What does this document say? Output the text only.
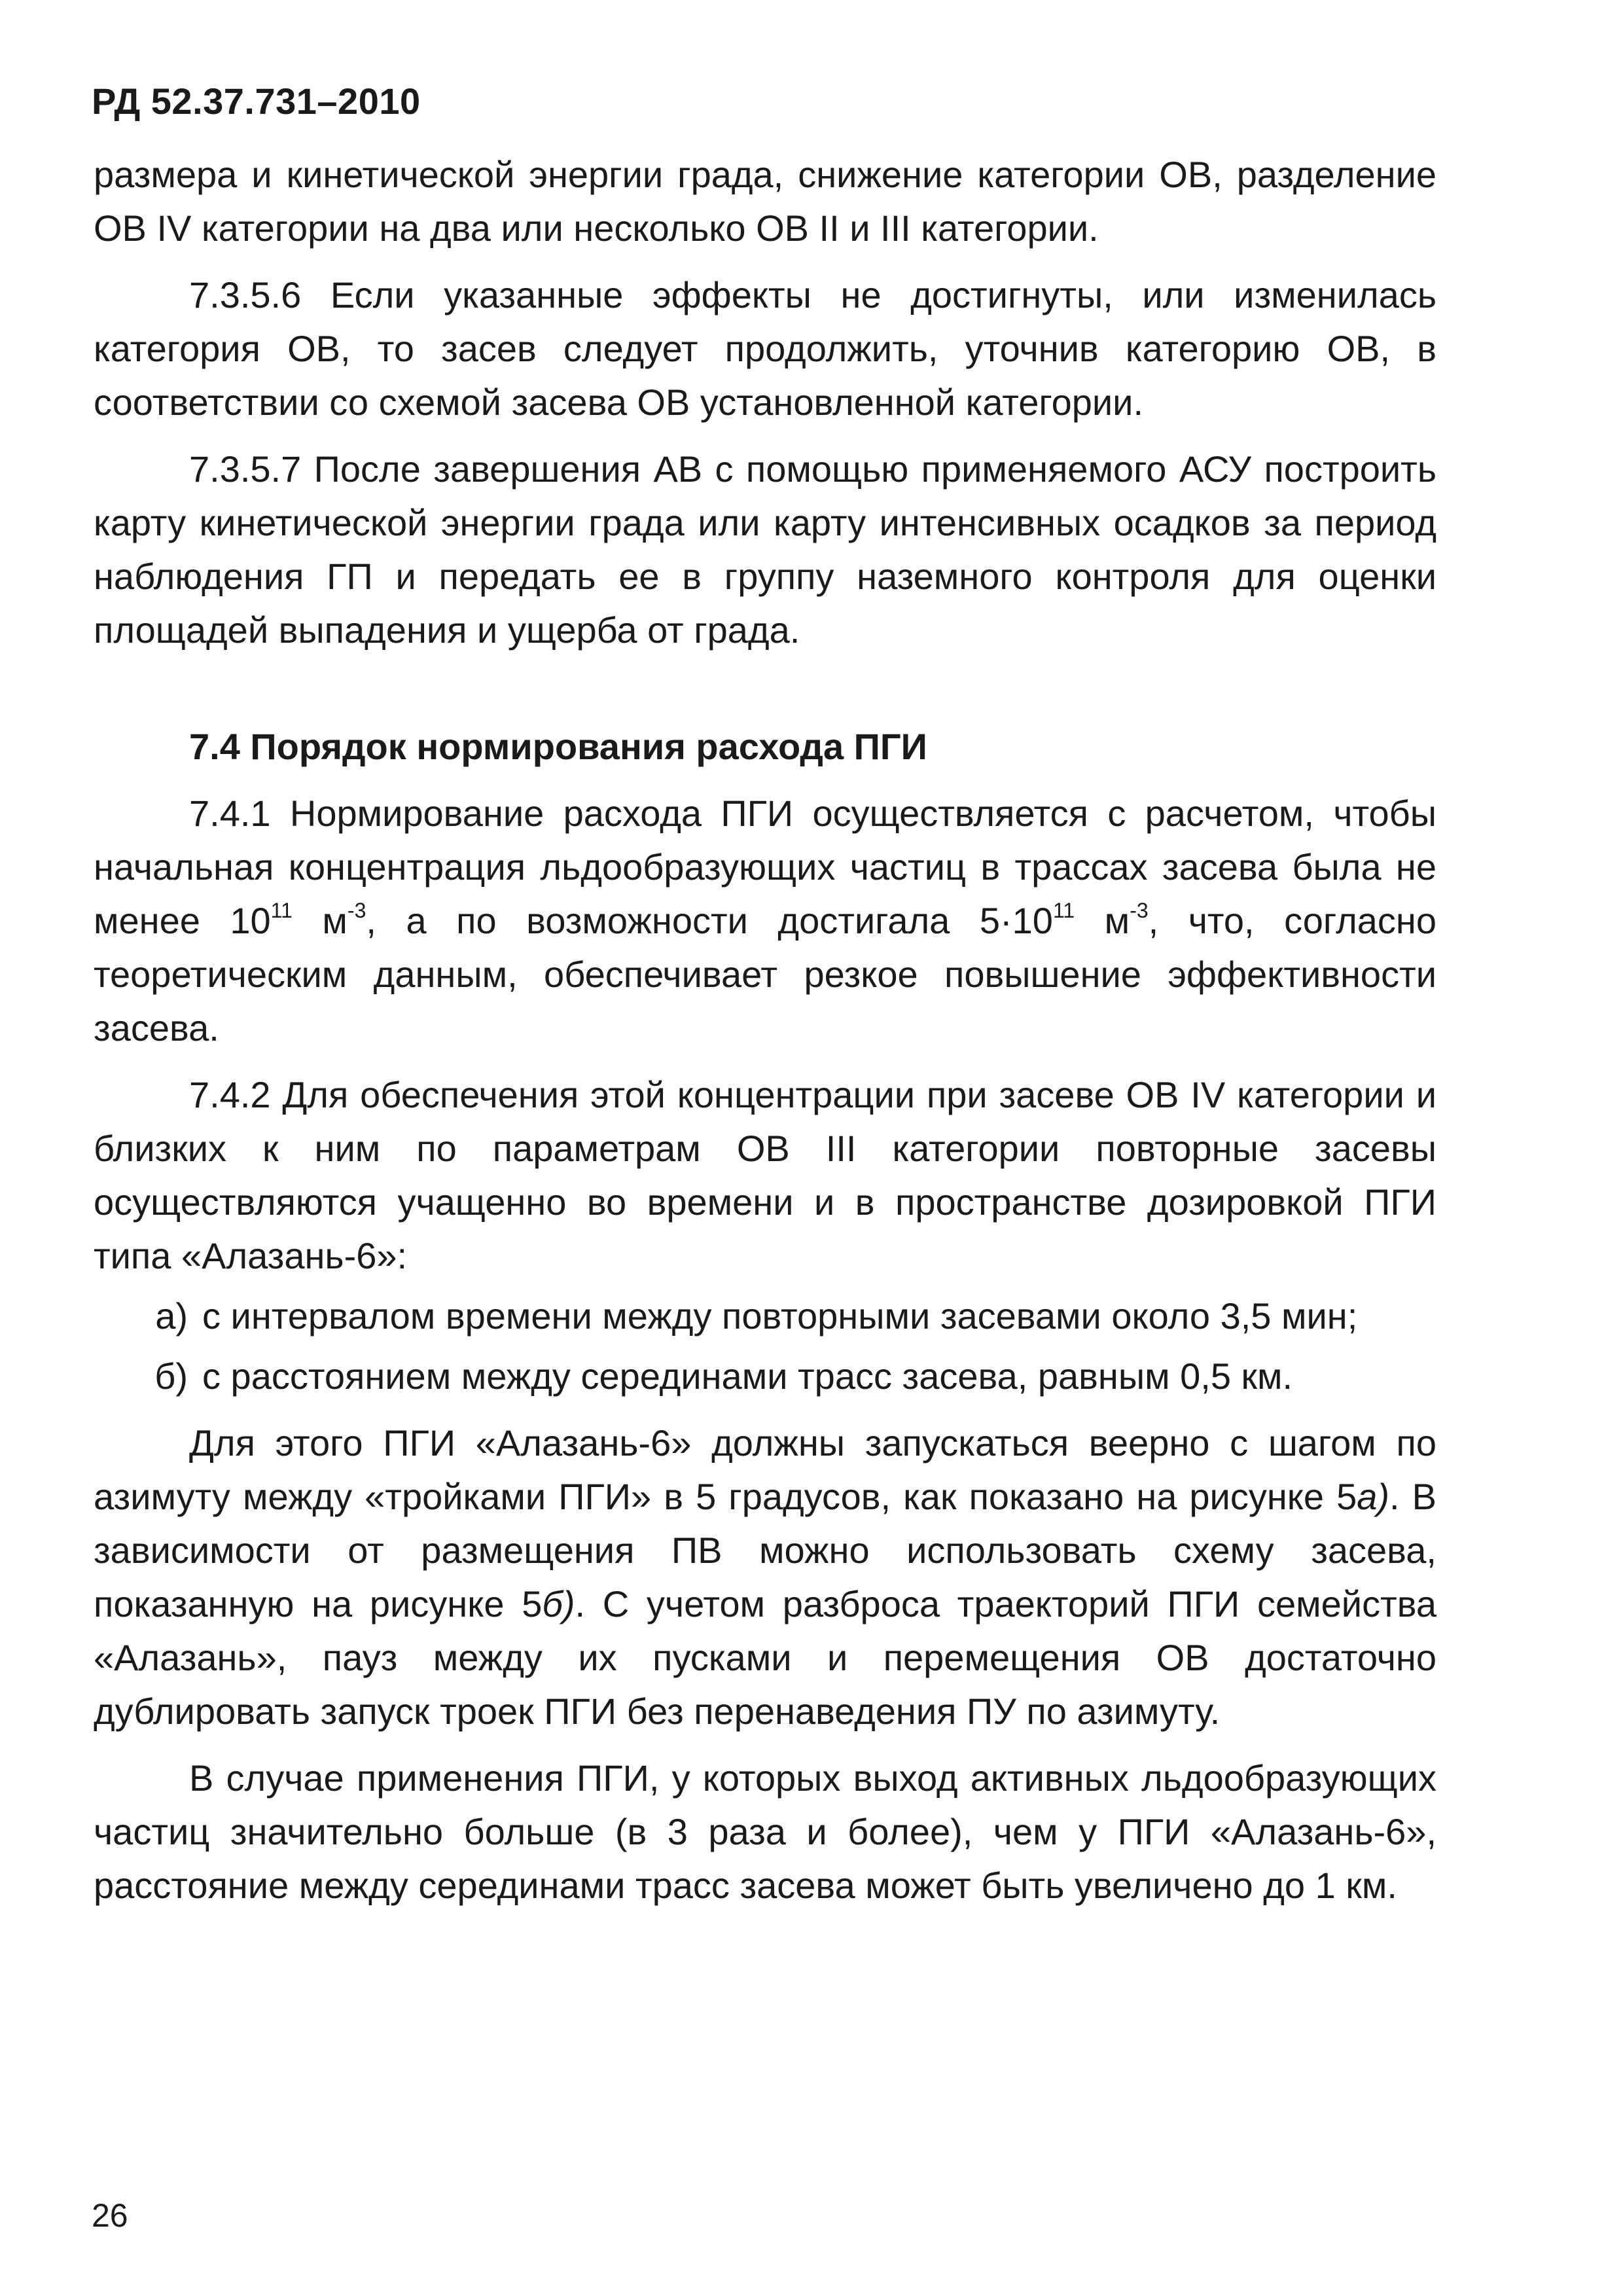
РД 52.37.731–2010

размера и кинетической энергии града, снижение категории ОВ, разделение ОВ IV категории на два или несколько ОВ II и III категории.

7.3.5.6 Если указанные эффекты не достигнуты, или изменилась категория ОВ, то засев следует продолжить, уточнив категорию ОВ, в соответствии со схемой засева ОВ установленной категории.

7.3.5.7 После завершения АВ с помощью применяемого АСУ построить карту кинетической энергии града или карту интенсивных осадков за период наблюдения ГП и передать ее в группу наземного контроля для оценки площадей выпадения и ущерба от града.

7.4 Порядок нормирования расхода ПГИ

7.4.1 Нормирование расхода ПГИ осуществляется с расчетом, чтобы начальная концентрация льдообразующих частиц в трассах засева была не менее $10^{11}$ $м^{-3}$, а по возможности достигала $5\cdot 10^{11}$ $м^{-3}$, что, согласно теоретическим данным, обеспечивает резкое повышение эффективности засева.

7.4.2 Для обеспечения этой концентрации при засеве ОВ IV категории и близких к ним по параметрам ОВ III категории повторные засевы осуществляются учащенно во времени и в пространстве дозировкой ПГИ типа «Алазань-6»:

а) с интервалом времени между повторными засевами около 3,5 мин;
б) с расстоянием между серединами трасс засева, равным 0,5 км.

Для этого ПГИ «Алазань-6» должны запускаться веерно с шагом по азимуту между «тройками ПГИ» в 5 градусов, как показано на рисунке 5а). В зависимости от размещения ПВ можно использовать схему засева, показанную на рисунке 5б). С учетом разброса траекторий ПГИ семейства «Алазань», пауз между их пусками и перемещения ОВ достаточно дублировать запуск троек ПГИ без перенаведения ПУ по азимуту.

В случае применения ПГИ, у которых выход активных льдообразующих частиц значительно больше (в 3 раза и более), чем у ПГИ «Алазань-6», расстояние между серединами трасс засева может быть увеличено до 1 км.

26
